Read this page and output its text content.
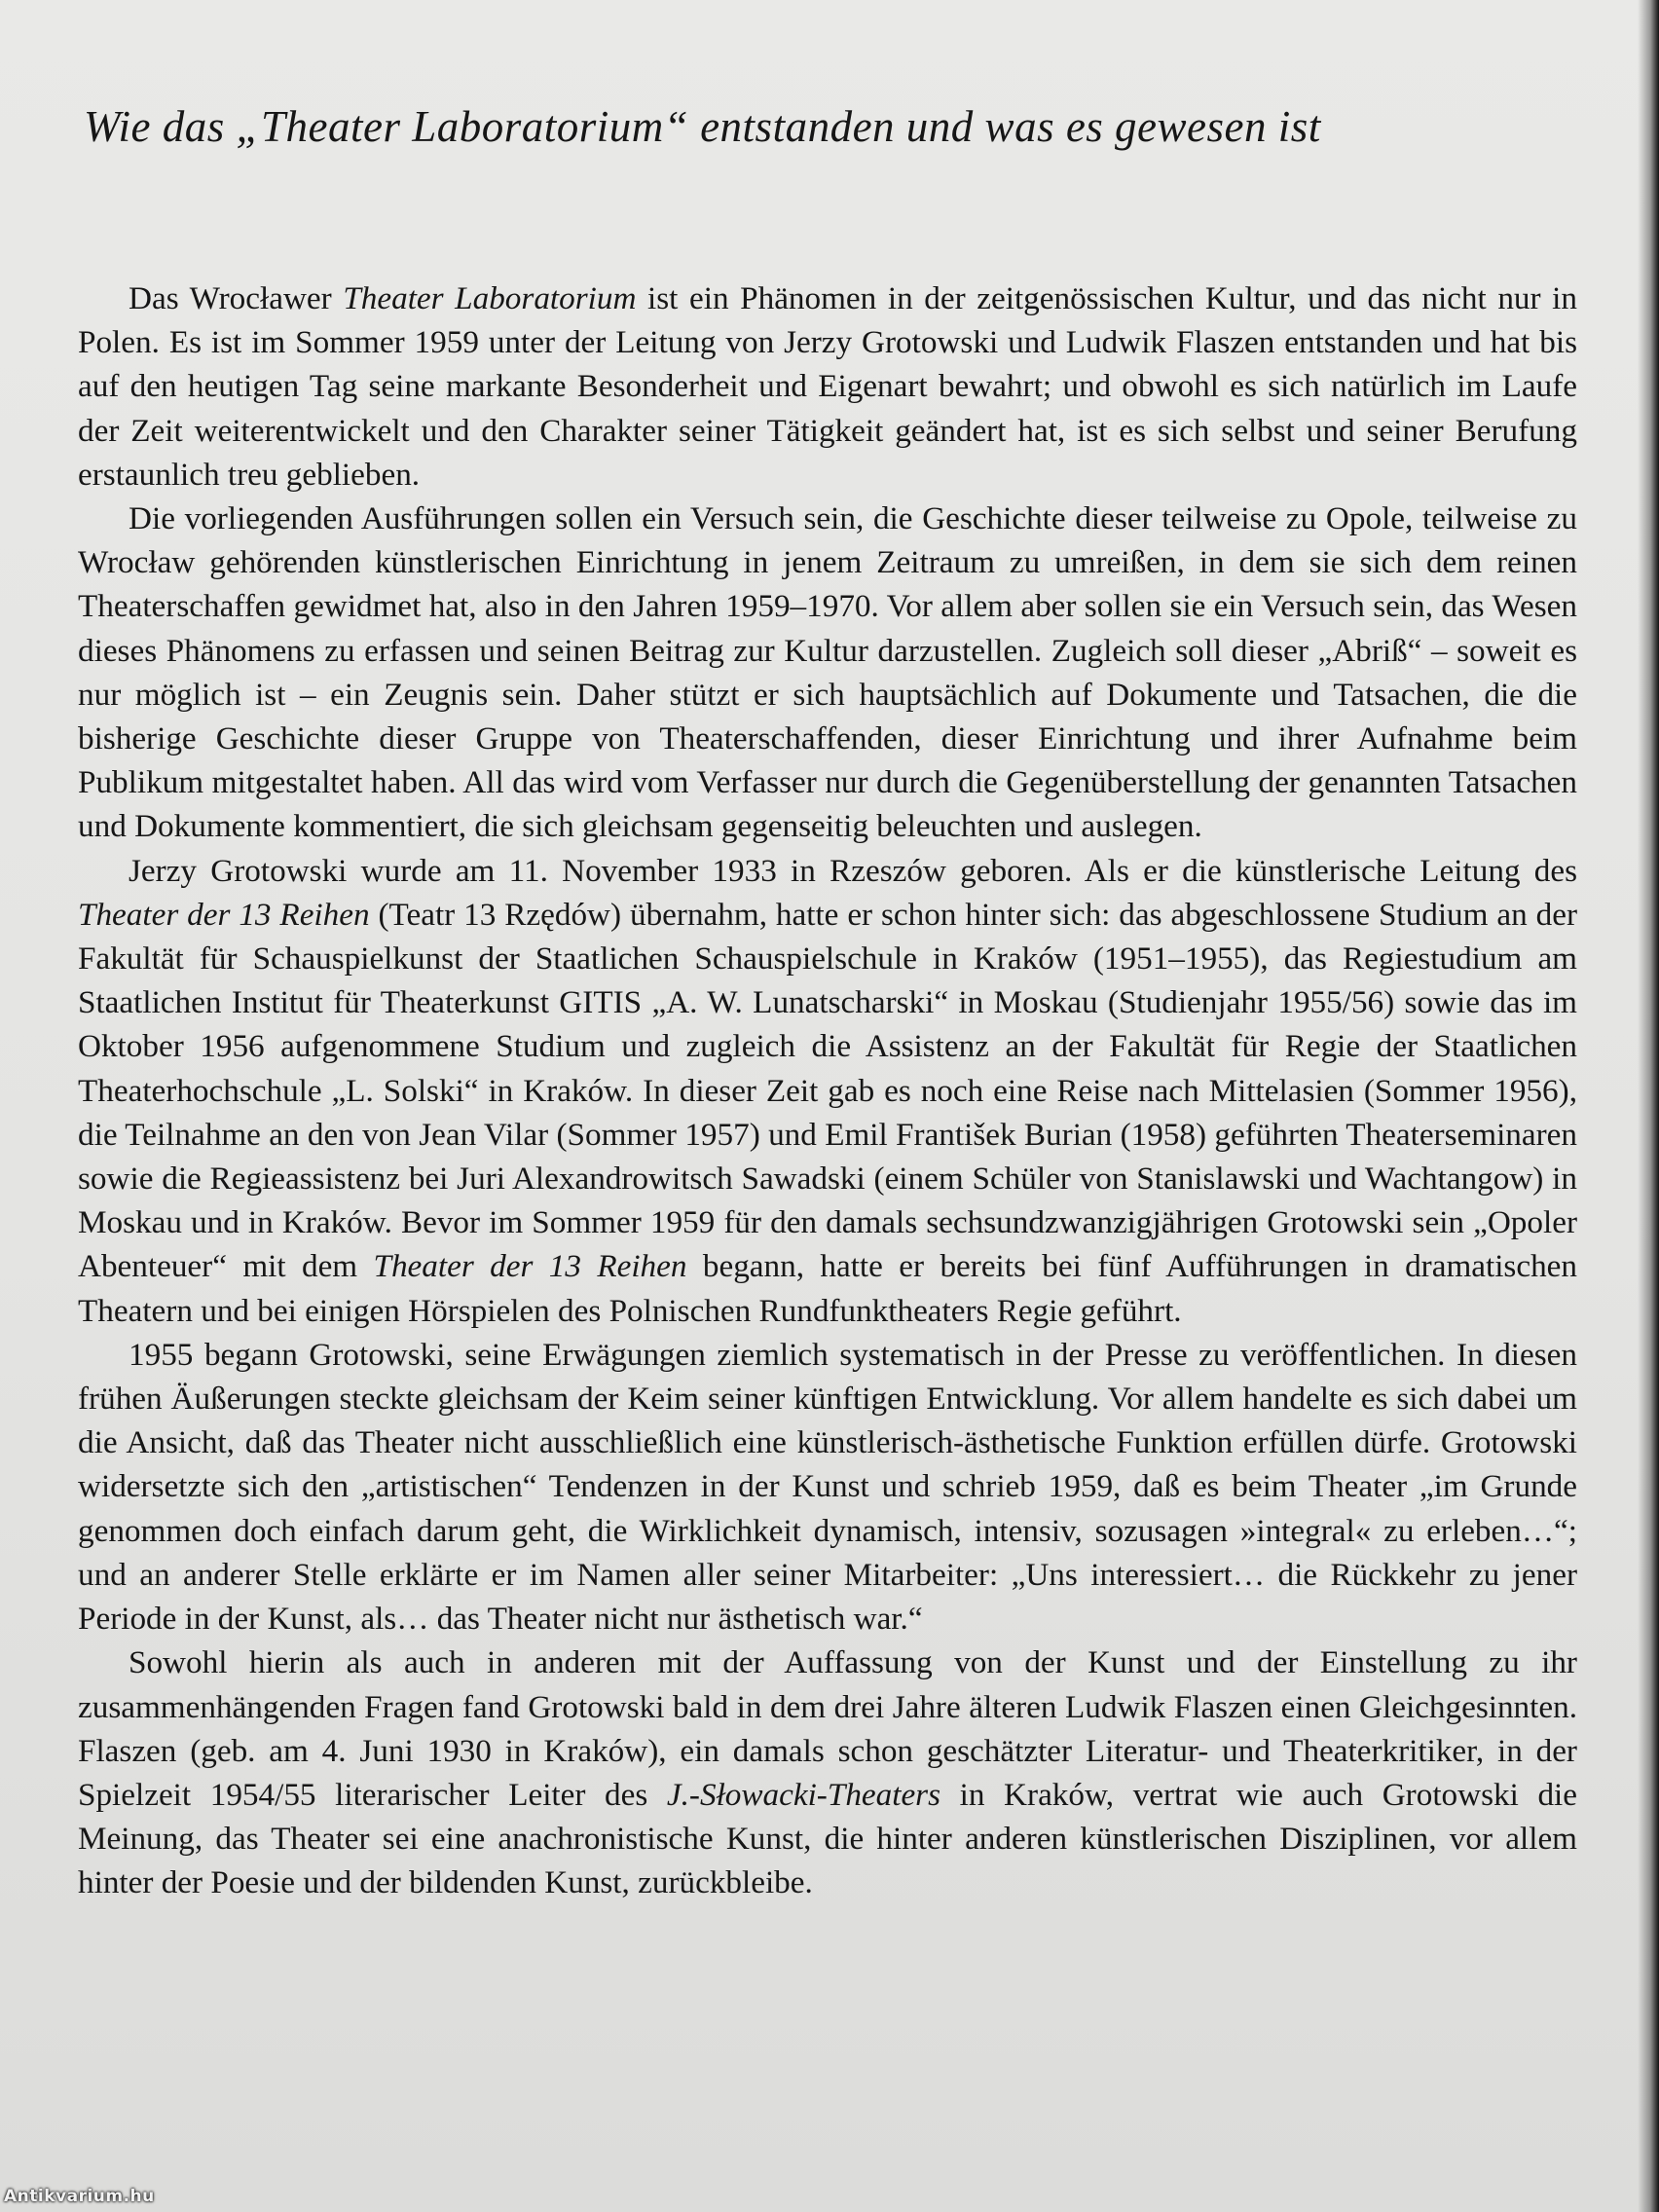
Wie das „Theater Laboratorium“ entstanden und was es gewesen ist

Das Wrocławer Theater Laboratorium ist ein Phänomen in der zeitgenössischen Kultur, und das nicht nur in Polen. Es ist im Sommer 1959 unter der Leitung von Jerzy Grotowski und Ludwik Flaszen entstanden und hat bis auf den heutigen Tag seine markante Besonderheit und Eigenart bewahrt; und obwohl es sich natürlich im Laufe der Zeit weiterentwickelt und den Charakter seiner Tätigkeit geändert hat, ist es sich selbst und seiner Berufung erstaunlich treu geblieben.

Die vorliegenden Ausführungen sollen ein Versuch sein, die Geschichte dieser teilweise zu Opole, teilweise zu Wrocław gehörenden künstlerischen Einrichtung in jenem Zeitraum zu umreißen, in dem sie sich dem reinen Theaterschaffen gewidmet hat, also in den Jahren 1959–1970. Vor allem aber sollen sie ein Versuch sein, das Wesen dieses Phänomens zu erfassen und seinen Beitrag zur Kultur darzustellen. Zugleich soll dieser „Abriß“ – soweit es nur möglich ist – ein Zeugnis sein. Daher stützt er sich hauptsächlich auf Dokumente und Tatsachen, die die bisherige Geschichte dieser Gruppe von Theaterschaffenden, dieser Einrichtung und ihrer Aufnahme beim Publikum mitgestaltet haben. All das wird vom Verfasser nur durch die Gegenüberstellung der genannten Tatsachen und Dokumente kommentiert, die sich gleichsam gegenseitig beleuchten und auslegen.

Jerzy Grotowski wurde am 11. November 1933 in Rzeszów geboren. Als er die künstlerische Leitung des Theater der 13 Reihen (Teatr 13 Rzędów) übernahm, hatte er schon hinter sich: das abgeschlossene Studium an der Fakultät für Schauspielkunst der Staatlichen Schauspielschule in Kraków (1951–1955), das Regiestudium am Staatlichen Institut für Theaterkunst GITIS „A. W. Lunatscharski“ in Moskau (Studienjahr 1955/56) sowie das im Oktober 1956 aufgenommene Studium und zugleich die Assistenz an der Fakultät für Regie der Staatlichen Theaterhochschule „L. Solski“ in Kraków. In dieser Zeit gab es noch eine Reise nach Mittelasien (Sommer 1956), die Teilnahme an den von Jean Vilar (Sommer 1957) und Emil František Burian (1958) geführten Theaterseminaren sowie die Regieassistenz bei Juri Alexandrowitsch Sawadski (einem Schüler von Stanislawski und Wachtangow) in Moskau und in Kraków. Bevor im Sommer 1959 für den damals sechsundzwanzigjährigen Grotowski sein „Opoler Abenteuer“ mit dem Theater der 13 Reihen begann, hatte er bereits bei fünf Aufführungen in dramatischen Theatern und bei einigen Hörspielen des Polnischen Rundfunktheaters Regie geführt.

1955 begann Grotowski, seine Erwägungen ziemlich systematisch in der Presse zu veröffentlichen. In diesen frühen Äußerungen steckte gleichsam der Keim seiner künftigen Entwicklung. Vor allem handelte es sich dabei um die Ansicht, daß das Theater nicht ausschließlich eine künstlerisch-ästhetische Funktion erfüllen dürfe. Grotowski widersetzte sich den „artistischen“ Tendenzen in der Kunst und schrieb 1959, daß es beim Theater „im Grunde genommen doch einfach darum geht, die Wirklichkeit dynamisch, intensiv, sozusagen »integral« zu erleben…“; und an anderer Stelle erklärte er im Namen aller seiner Mitarbeiter: „Uns interessiert… die Rückkehr zu jener Periode in der Kunst, als… das Theater nicht nur ästhetisch war.“

Sowohl hierin als auch in anderen mit der Auffassung von der Kunst und der Einstellung zu ihr zusammenhängenden Fragen fand Grotowski bald in dem drei Jahre älteren Ludwik Flaszen einen Gleichgesinnten. Flaszen (geb. am 4. Juni 1930 in Kraków), ein damals schon geschätzter Literatur- und Theaterkritiker, in der Spielzeit 1954/55 literarischer Leiter des J.-Słowacki-Theaters in Kraków, vertrat wie auch Grotowski die Meinung, das Theater sei eine anachronistische Kunst, die hinter anderen künstlerischen Disziplinen, vor allem hinter der Poesie und der bildenden Kunst, zurückbleibe.

Antikvarium.hu
